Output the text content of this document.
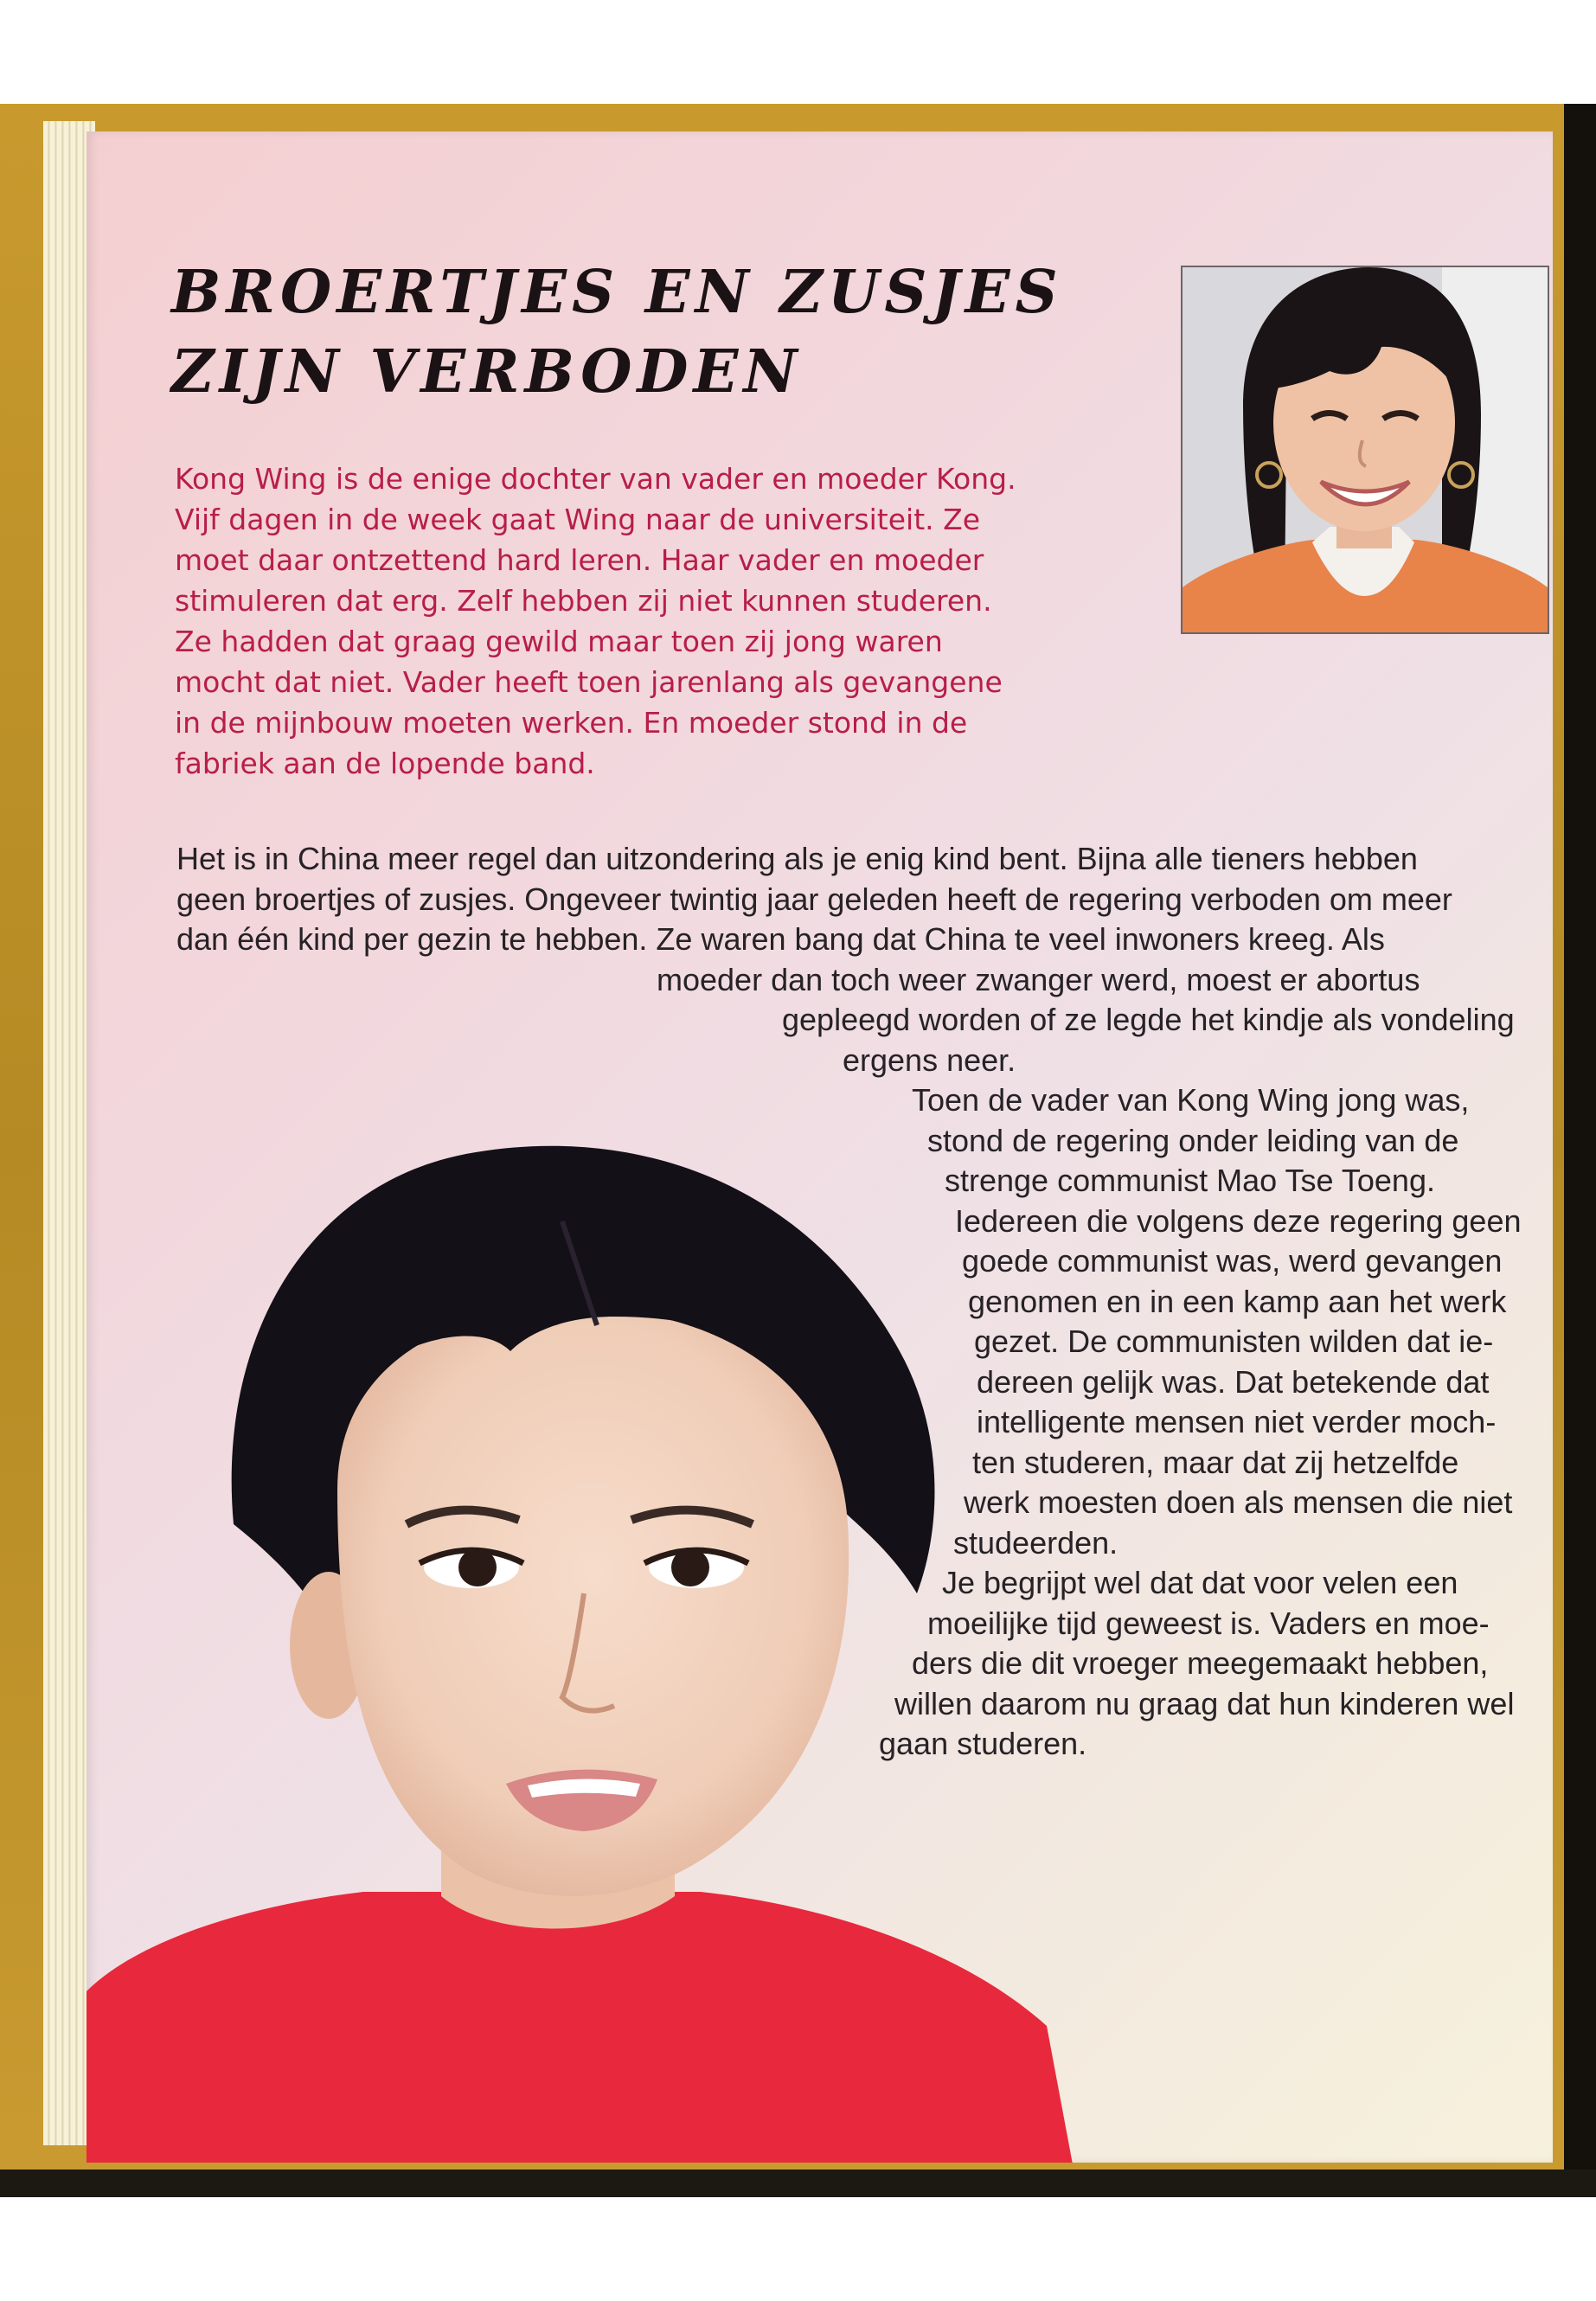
BROERTJES EN ZUSJES
ZIJN VERBODEN

Kong Wing is de enige dochter van vader en moeder Kong.
Vijf dagen in de week gaat Wing naar de universiteit. Ze
moet daar ontzettend hard leren. Haar vader en moeder
stimuleren dat erg. Zelf hebben zij niet kunnen studeren.
Ze hadden dat graag gewild maar toen zij jong waren
mocht dat niet. Vader heeft toen jarenlang als gevangene
in de mijnbouw moeten werken. En moeder stond in de
fabriek aan de lopende band.

Het is in China meer regel dan uitzondering als je enig kind bent. Bijna alle tieners hebben
geen broertjes of zusjes. Ongeveer twintig jaar geleden heeft de regering verboden om meer
dan één kind per gezin te hebben. Ze waren bang dat China te veel inwoners kreeg. Als
moeder dan toch weer zwanger werd, moest er abortus
gepleegd worden of ze legde het kindje als vondeling
ergens neer.
Toen de vader van Kong Wing jong was,
stond de regering onder leiding van de
strenge communist Mao Tse Toeng.
Iedereen die volgens deze regering geen
goede communist was, werd gevangen
genomen en in een kamp aan het werk
gezet. De communisten wilden dat ie-
dereen gelijk was. Dat betekende dat
intelligente mensen niet verder moch-
ten studeren, maar dat zij hetzelfde
werk moesten doen als mensen die niet
studeerden.
Je begrijpt wel dat dat voor velen een
moeilijke tijd geweest is. Vaders en moe-
ders die dit vroeger meegemaakt hebben,
willen daarom nu graag dat hun kinderen wel
gaan studeren.
